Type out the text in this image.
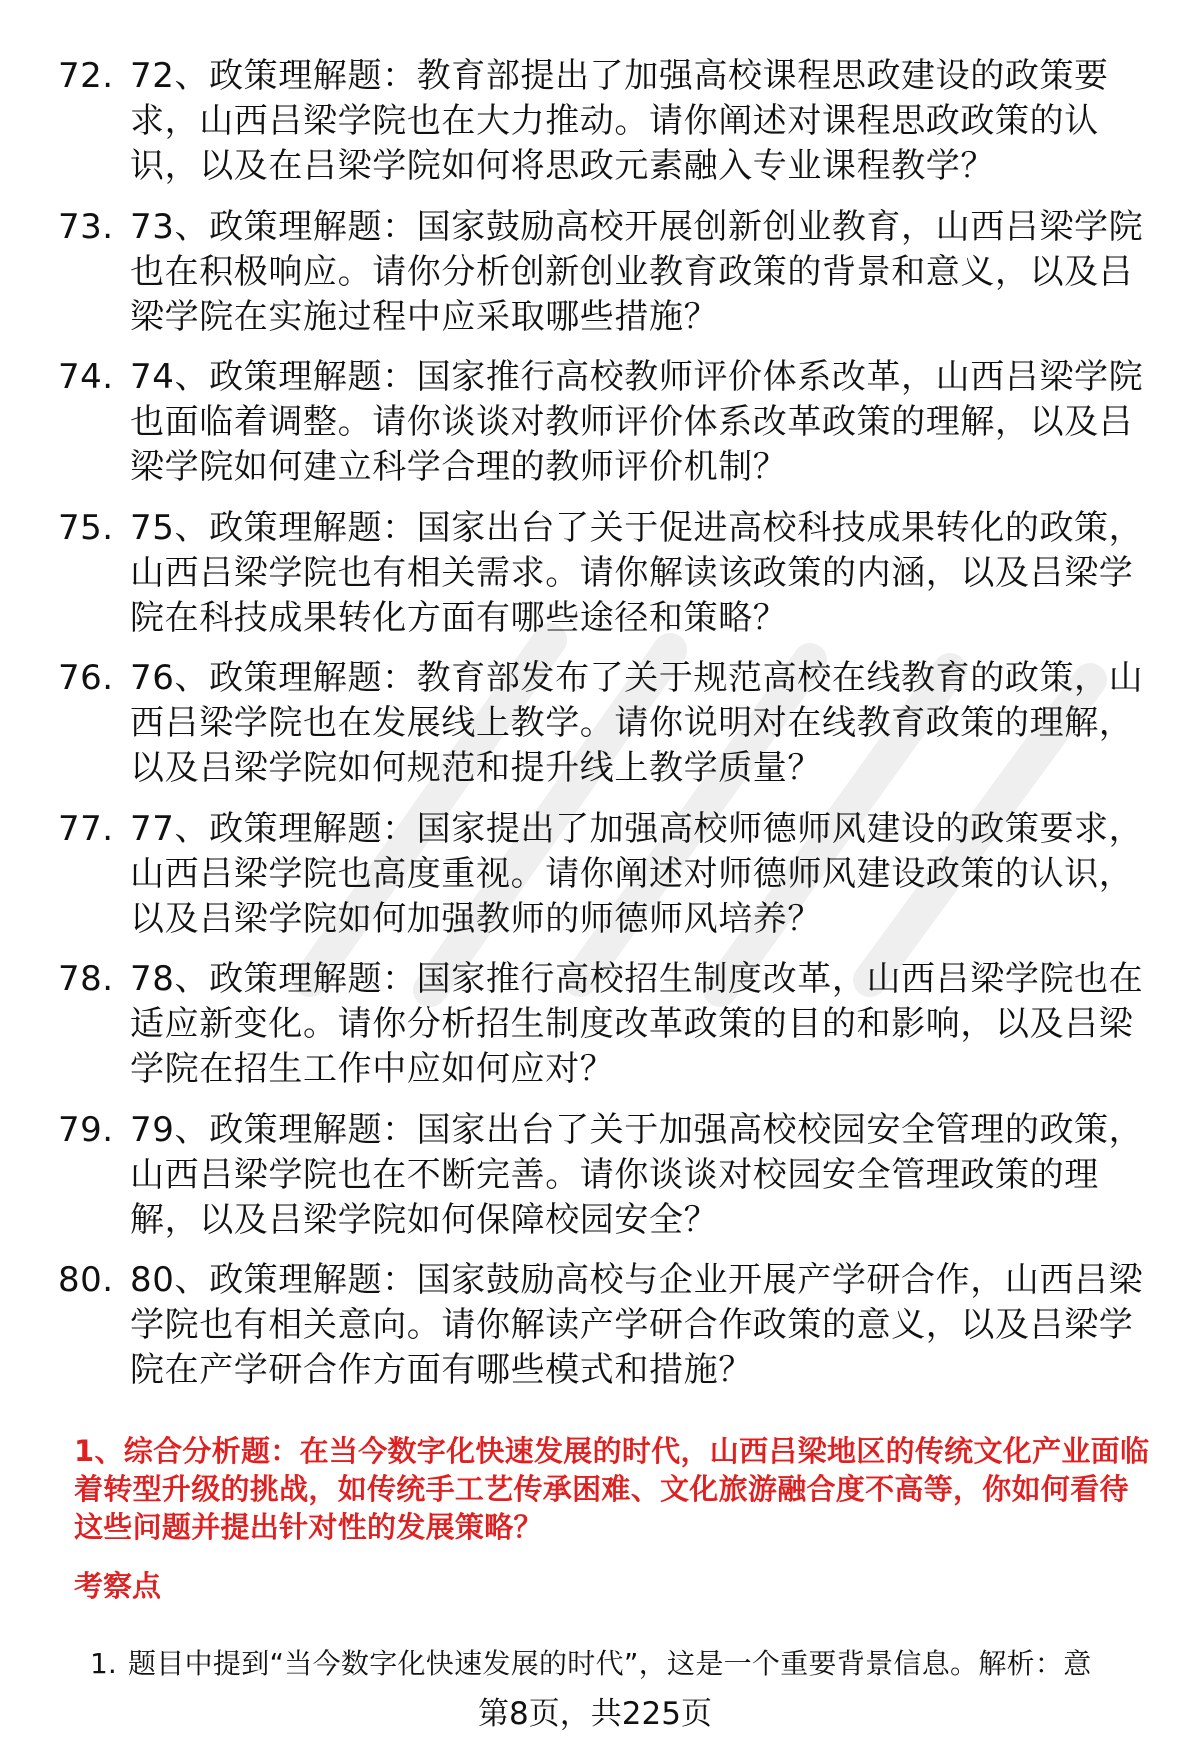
72. 72、政策理解题：教育部提出了加强高校课程思政建设的政策要求，山西吕梁学院也在大力推动。请你阐述对课程思政政策的认识，以及在吕梁学院如何将思政元素融入专业课程教学？

73. 73、政策理解题：国家鼓励高校开展创新创业教育，山西吕梁学院也在积极响应。请你分析创新创业教育政策的背景和意义，以及吕梁学院在实施过程中应采取哪些措施？

74. 74、政策理解题：国家推行高校教师评价体系改革，山西吕梁学院也面临着调整。请你谈谈对教师评价体系改革政策的理解，以及吕梁学院如何建立科学合理的教师评价机制？

75. 75、政策理解题：国家出台了关于促进高校科技成果转化的政策，山西吕梁学院也有相关需求。请你解读该政策的内涵，以及吕梁学院在科技成果转化方面有哪些途径和策略？

76. 76、政策理解题：教育部发布了关于规范高校在线教育的政策，山西吕梁学院也在发展线上教学。请你说明对在线教育政策的理解，以及吕梁学院如何规范和提升线上教学质量？

77. 77、政策理解题：国家提出了加强高校师德师风建设的政策要求，山西吕梁学院也高度重视。请你阐述对师德师风建设政策的认识，以及吕梁学院如何加强教师的师德师风培养？

78. 78、政策理解题：国家推行高校招生制度改革，山西吕梁学院也在适应新变化。请你分析招生制度改革政策的目的和影响，以及吕梁学院在招生工作中应如何应对？

79. 79、政策理解题：国家出台了关于加强高校校园安全管理的政策，山西吕梁学院也在不断完善。请你谈谈对校园安全管理政策的理解，以及吕梁学院如何保障校园安全？

80. 80、政策理解题：国家鼓励高校与企业开展产学研合作，山西吕梁学院也有相关意向。请你解读产学研合作政策的意义，以及吕梁学院在产学研合作方面有哪些模式和措施？

1、综合分析题：在当今数字化快速发展的时代，山西吕梁地区的传统文化产业面临着转型升级的挑战，如传统手工艺传承困难、文化旅游融合度不高等，你如何看待这些问题并提出针对性的发展策略？

考察点

1. 题目中提到“当今数字化快速发展的时代”，这是一个重要背景信息。解析：意
第8页，共225页
